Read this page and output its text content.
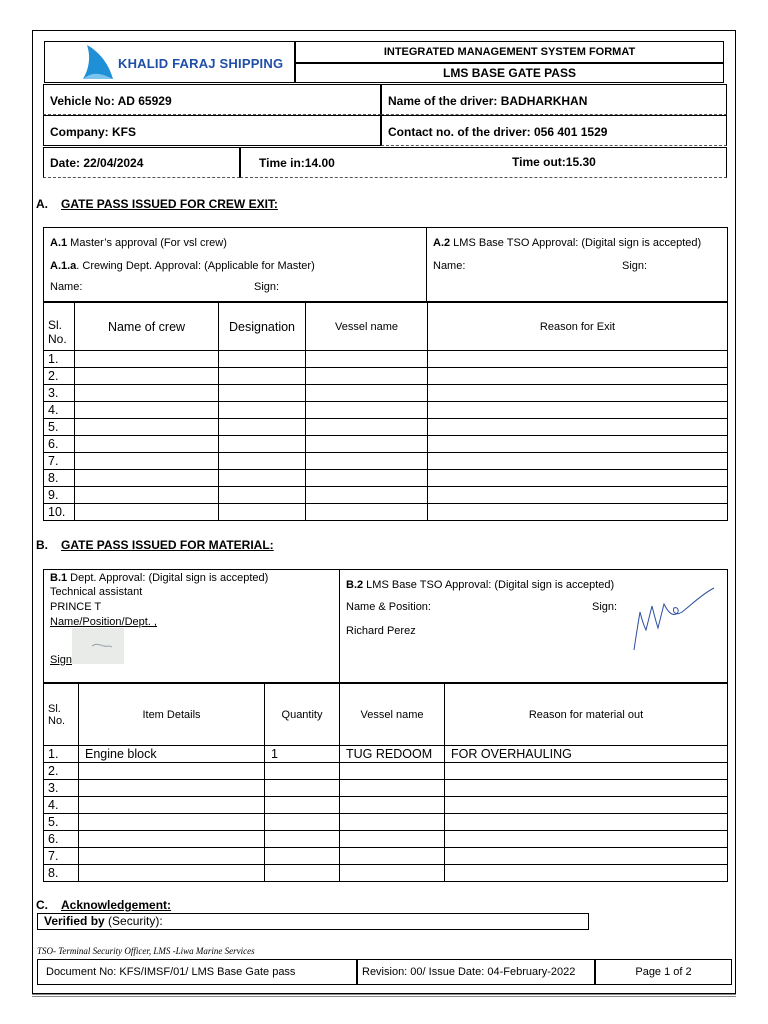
KHALID FARAJ SHIPPING
INTEGRATED MANAGEMENT SYSTEM FORMAT
LMS BASE GATE PASS
Vehicle No: AD 65929	Name of the driver: BADHARKHAN
Company: KFS	Contact no. of the driver: 056 401 1529
Date: 22/04/2024	Time in:14.00	Time out:15.30
A. GATE PASS ISSUED FOR CREW EXIT:
A.1 Master’s approval (For vsl crew)
A.1.a. Crewing Dept. Approval: (Applicable for Master)
Name:	Sign:
A.2 LMS Base TSO Approval: (Digital sign is accepted)
Name:	Sign:
Sl. No.	Name of crew	Designation	Vessel name	Reason for Exit
1.				
2.				
3.				
4.				
5.				
6.				
7.				
8.				
9.				
10.				
B. GATE PASS ISSUED FOR MATERIAL:
B.1 Dept. Approval: (Digital sign is accepted)
Technical assistant
PRINCE T
Name/Position/Dept. ,
Sign
B.2 LMS Base TSO Approval: (Digital sign is accepted)
Name & Position:	Sign:
Richard Perez
Sl. No.	Item Details	Quantity	Vessel name	Reason for material out
1.	Engine block	1	TUG REDOOM	FOR OVERHAULING
2.				
3.				
4.				
5.				
6.				
7.				
8.				
C. Acknowledgement:
Verified by (Security):
TSO- Terminal Security Officer, LMS -Liwa Marine Services
Document No: KFS/IMSF/01/ LMS Base Gate pass	Revision: 00/ Issue Date: 04-February-2022	Page 1 of 2
